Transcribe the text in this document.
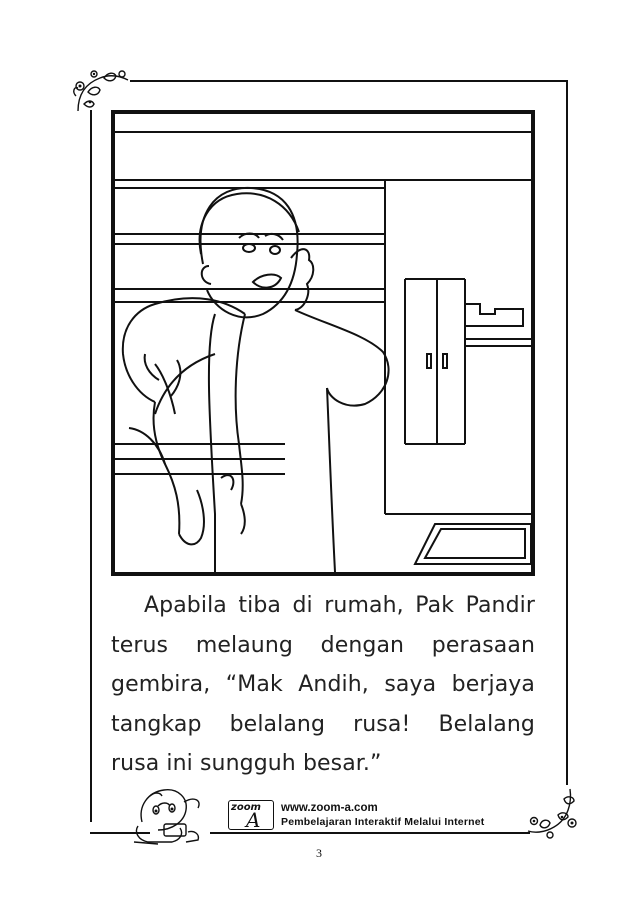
Apabila tiba di rumah, Pak Pandir
terus melaung dengan perasaan
gembira, “Mak Andih, saya berjaya
tangkap belalang rusa! Belalang
rusa ini sungguh besar.”
zoom
A www.zoom-a.com
Pembelajaran Interaktif Melalui Internet
3
